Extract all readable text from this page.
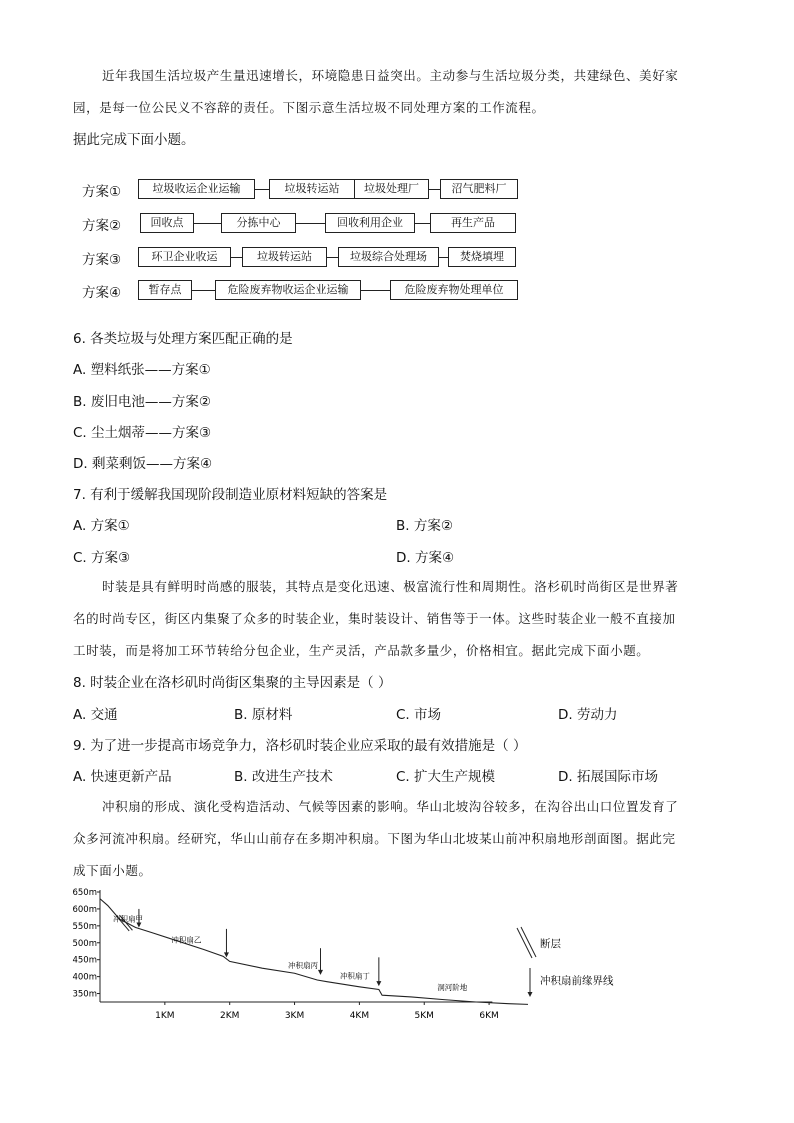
近年我国生活垃圾产生量迅速增长，环境隐患日益突出。主动参与生活垃圾分类，共建绿色、美好家
园，是每一位公民义不容辞的责任。下图示意生活垃圾不同处理方案的工作流程。
据此完成下面小题。
方案①	垃圾收运企业运输	垃圾转运站	垃圾处理厂	沼气肥料厂
方案②	回收点	分拣中心	回收利用企业	再生产品
方案③	环卫企业收运	垃圾转运站	垃圾综合处理场	焚烧填埋
方案④	暂存点	危险废弃物收运企业运输	危险废弃物处理单位
6. 各类垃圾与处理方案匹配正确的是
A. 塑料纸张——方案①
B. 废旧电池——方案②
C. 尘土烟蒂——方案③
D. 剩菜剩饭——方案④
7. 有利于缓解我国现阶段制造业原材料短缺的答案是
A. 方案①	B. 方案②
C. 方案③	D. 方案④
时装是具有鲜明时尚感的服装，其特点是变化迅速、极富流行性和周期性。洛杉矶时尚街区是世界著
名的时尚专区，街区内集聚了众多的时装企业，集时装设计、销售等于一体。这些时装企业一般不直接加
工时装，而是将加工环节转给分包企业，生产灵活，产品款多量少，价格相宜。据此完成下面小题。
8. 时装企业在洛杉矶时尚街区集聚的主导因素是（ ）
A. 交通	B. 原材料	C. 市场	D. 劳动力
9. 为了进一步提高市场竞争力，洛杉矶时装企业应采取的最有效措施是（ ）
A. 快速更新产品	B. 改进生产技术	C. 扩大生产规模	D. 拓展国际市场
冲积扇的形成、演化受构造活动、气候等因素的影响。华山北坡沟谷较多，在沟谷出山口位置发育了
众多河流冲积扇。经研究，华山山前存在多期冲积扇。下图为华山北坡某山前冲积扇地形剖面图。据此完
成下面小题。
650m
600m
550m
500m
450m
400m
350m
1KM	2KM	3KM	4KM	5KM	6KM
冲积扇甲
冲积扇乙
冲积扇丙
冲积扇丁
洞河阶地
断层
冲积扇前缘界线
